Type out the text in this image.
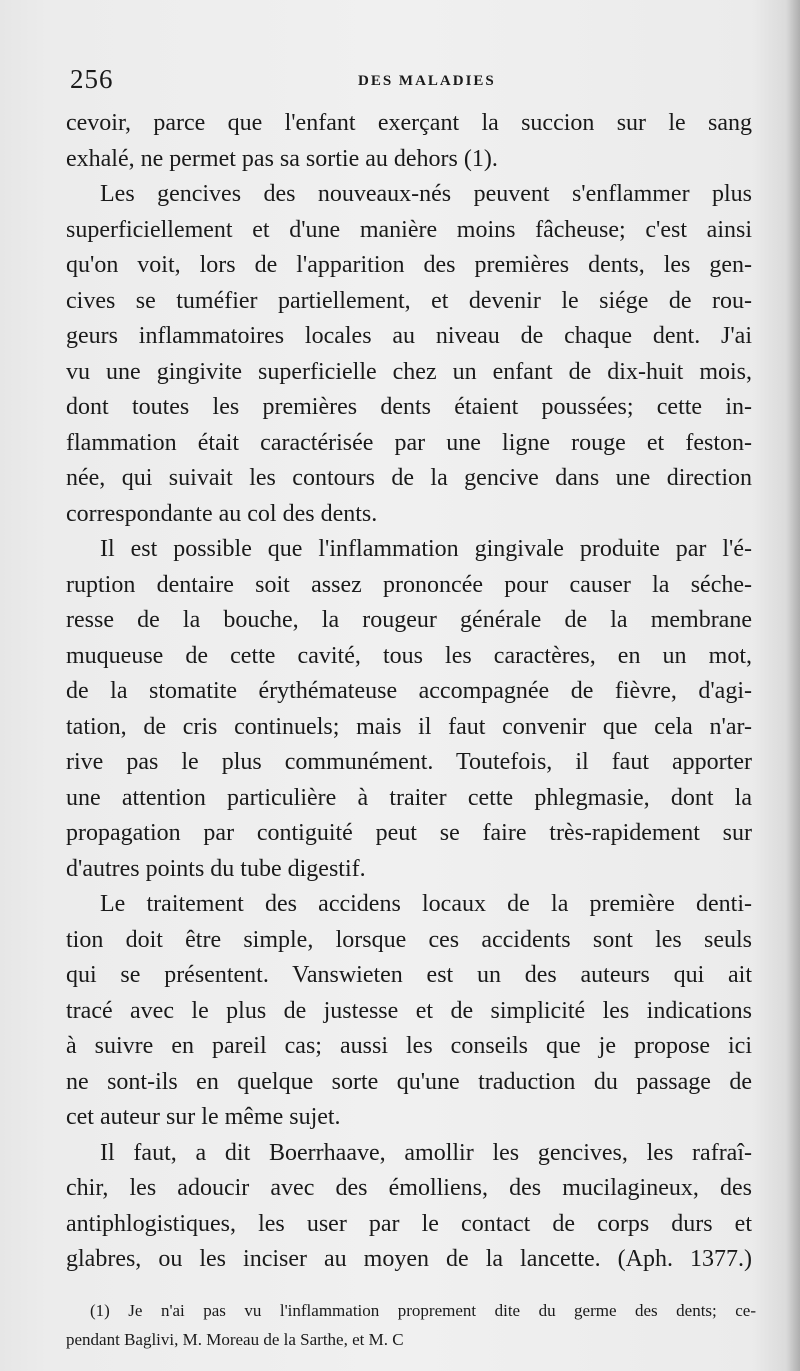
256	DES MALADIES
cevoir, parce que l'enfant exerçant la succion sur le sang
exhalé, ne permet pas sa sortie au dehors (1).
Les gencives des nouveaux-nés peuvent s'enflammer plus
superficiellement et d'une manière moins fâcheuse; c'est ainsi
qu'on voit, lors de l'apparition des premières dents, les gen-
cives se tuméfier partiellement, et devenir le siége de rou-
geurs inflammatoires locales au niveau de chaque dent. J'ai
vu une gingivite superficielle chez un enfant de dix-huit mois,
dont toutes les premières dents étaient poussées; cette in-
flammation était caractérisée par une ligne rouge et feston-
née, qui suivait les contours de la gencive dans une direction
correspondante au col des dents.
Il est possible que l'inflammation gingivale produite par l'é-
ruption dentaire soit assez prononcée pour causer la séche-
resse de la bouche, la rougeur générale de la membrane
muqueuse de cette cavité, tous les caractères, en un mot,
de la stomatite érythémateuse accompagnée de fièvre, d'agi-
tation, de cris continuels; mais il faut convenir que cela n'ar-
rive pas le plus communément. Toutefois, il faut apporter
une attention particulière à traiter cette phlegmasie, dont la
propagation par contiguité peut se faire très-rapidement sur
d'autres points du tube digestif.
Le traitement des accidens locaux de la première denti-
tion doit être simple, lorsque ces accidents sont les seuls
qui se présentent. Vanswieten est un des auteurs qui ait
tracé avec le plus de justesse et de simplicité les indications
à suivre en pareil cas; aussi les conseils que je propose ici
ne sont-ils en quelque sorte qu'une traduction du passage de
cet auteur sur le même sujet.
Il faut, a dit Boerrhaave, amollir les gencives, les rafraî-
chir, les adoucir avec des émolliens, des mucilagineux, des
antiphlogistiques, les user par le contact de corps durs et
glabres, ou les inciser au moyen de la lancette. (Aph. 1377.)
(1) Je n'ai pas vu l'inflammation proprement dite du germe des dents; ce-
pendant Baglivi, M. Moreau de la Sarthe, et M. C
